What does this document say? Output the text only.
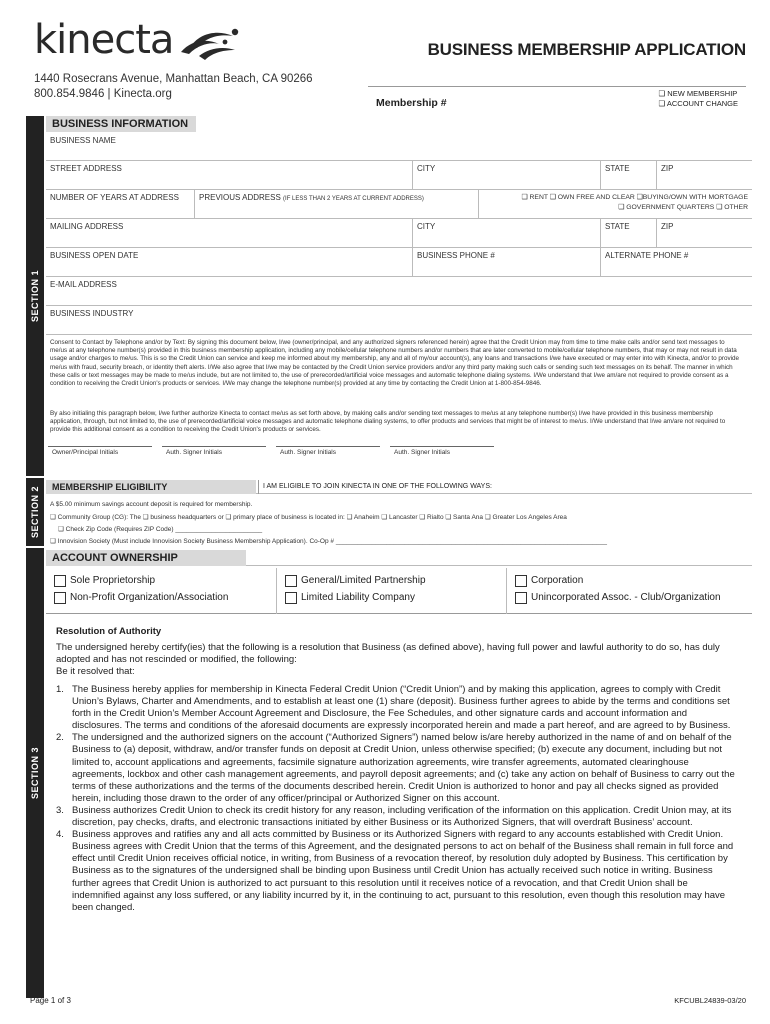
kinecta
1440 Rosecrans Avenue, Manhattan Beach, CA 90266
800.854.9846 | Kinecta.org
BUSINESS MEMBERSHIP APPLICATION
Membership #
❑ NEW MEMBERSHIP
❑ ACCOUNT CHANGE
SECTION 1
SECTION 2
SECTION 3
BUSINESS INFORMATION
BUSINESS NAME
STREET ADDRESS	CITY	STATE	ZIP
NUMBER OF YEARS AT ADDRESS	PREVIOUS ADDRESS (IF LESS THAN 2 YEARS AT CURRENT ADDRESS)	❑ RENT ❑ OWN FREE AND CLEAR ❑BUYING/OWN WITH MORTGAGE
❑ GOVERNMENT QUARTERS ❑ OTHER
MAILING ADDRESS	CITY	STATE	ZIP
BUSINESS OPEN DATE	BUSINESS PHONE #	ALTERNATE PHONE #
E-MAIL ADDRESS
BUSINESS INDUSTRY
Consent to Contact by Telephone and/or by Text: By signing this document below, I/we (owner/principal, and any authorized signers referenced herein) agree that the Credit Union may from time to time make calls and/or send text messages to me/us at any telephone number(s) provided in this business membership application, including any mobile/cellular telephone numbers and/or numbers that are later converted to mobile/cellular telephone numbers, that may or may not result in data usage and/or charges to me/us. This is so the Credit Union can service and keep me informed about my membership, any and all of my/our account(s), any loans and transactions I/we have executed or may enter into with Kinecta, and/or to provide me/us with fraud, security breach, or identity theft alerts. I/We also agree that I/we may be contacted by the Credit Union service providers and/or any third party making such calls or sending such text messages on its behalf. The manner in which these calls or text messages may be made to me/us include, but are not limited to, the use of prerecorded/artificial voice messages and automatic telephone dialing systems. I/We understand that I/we am/are not required to provide consent as a condition to receiving the Credit Union's products or services. I/We may change the telephone number(s) provided at any time by contacting the Credit Union at 1-800-854-9846.
By also initialing this paragraph below, I/we further authorize Kinecta to contact me/us as set forth above, by making calls and/or sending text messages to me/us at any telephone number(s) I/we have provided in this business membership application, through, but not limited to, the use of prerecorded/artificial voice messages and automatic telephone dialing systems, to offer products and services that might be of interest to me/us. I/We understand that I/we am/are not required to provide this additional consent as a condition to receiving the Credit Union's products or services.
Owner/Principal Initials	Auth. Signer Initials	Auth. Signer Initials	Auth. Signer Initials
MEMBERSHIP ELIGIBILITY	I AM ELIGIBLE TO JOIN KINECTA IN ONE OF THE FOLLOWING WAYS:
A $5.00 minimum savings account deposit is required for membership.
❑ Community Group (CG): The ❑ business headquarters or ❑ primary place of business is located in: ❑ Anaheim ❑ Lancaster ❑ Rialto ❑ Santa Ana ❑ Greater Los Angeles Area
❑ Check Zip Code (Requires ZIP Code) ________________________
❑ Innovision Society (Must include Innovision Society Business Membership Application). Co-Op # ___________________________________________________________________________
ACCOUNT OWNERSHIP
Sole Proprietorship
Non-Profit Organization/Association
General/Limited Partnership
Limited Liability Company
Corporation
Unincorporated Assoc. - Club/Organization
Resolution of Authority
The undersigned hereby certify(ies) that the following is a resolution that Business (as defined above), having full power and lawful authority to do so, has duly adopted and has not rescinded or modified, the following:
Be it resolved that:
1. The Business hereby applies for membership in Kinecta Federal Credit Union (“Credit Union”) and by making this application, agrees to comply with Credit Union’s Bylaws, Charter and Amendments, and to establish at least one (1) share (deposit). Business further agrees to abide by the terms and conditions set forth in the Credit Union’s Member Account Agreement and Disclosure, the Fee Schedules, and other signature cards and account information and disclosures. The terms and conditions of the aforesaid documents are expressly incorporated herein and made a part hereof, and are agreed to by Business.
2. The undersigned and the authorized signers on the account (“Authorized Signers”) named below is/are hereby authorized in the name of and on behalf of the Business to (a) deposit, withdraw, and/or transfer funds on deposit at Credit Union, unless otherwise specified; (b) execute any document, including but not limited to, account applications and agreements, facsimile signature authorization agreements, wire transfer agreements, automated clearinghouse agreements, lockbox and other cash management agreements, and payroll deposit agreements; and (c) take any action on behalf of Business to carry out the terms of these authorizations and the terms of the documents described herein. Credit Union is authorized to honor and pay all checks signed as provided herein, including those drawn to the order of any officer/principal or Authorized Signer on this account.
3. Business authorizes Credit Union to check its credit history for any reason, including verification of the information on this application. Credit Union may, at its discretion, pay checks, drafts, and electronic transactions initiated by either Business or its Authorized Signers, that will overdraft Business’ account.
4. Business approves and ratifies any and all acts committed by Business or its Authorized Signers with regard to any accounts established with Credit Union. Business agrees with Credit Union that the terms of this Agreement, and the designated persons to act on behalf of the Business shall remain in full force and effect until Credit Union receives official notice, in writing, from Business of a revocation thereof, by resolution duly adopted by Business. This certification by Business as to the signatures of the undersigned shall be binding upon Business until Credit Union has actually received such notice in writing. Business further agrees that Credit Union is authorized to act pursuant to this resolution until it receives notice of a revocation, and that Credit Union shall be indemnified against any loss suffered, or any liability incurred by it, in the continuing to act, pursuant to this resolution, even though this resolution may have been changed.
Page 1 of 3	KFCUBL24839-03/20
